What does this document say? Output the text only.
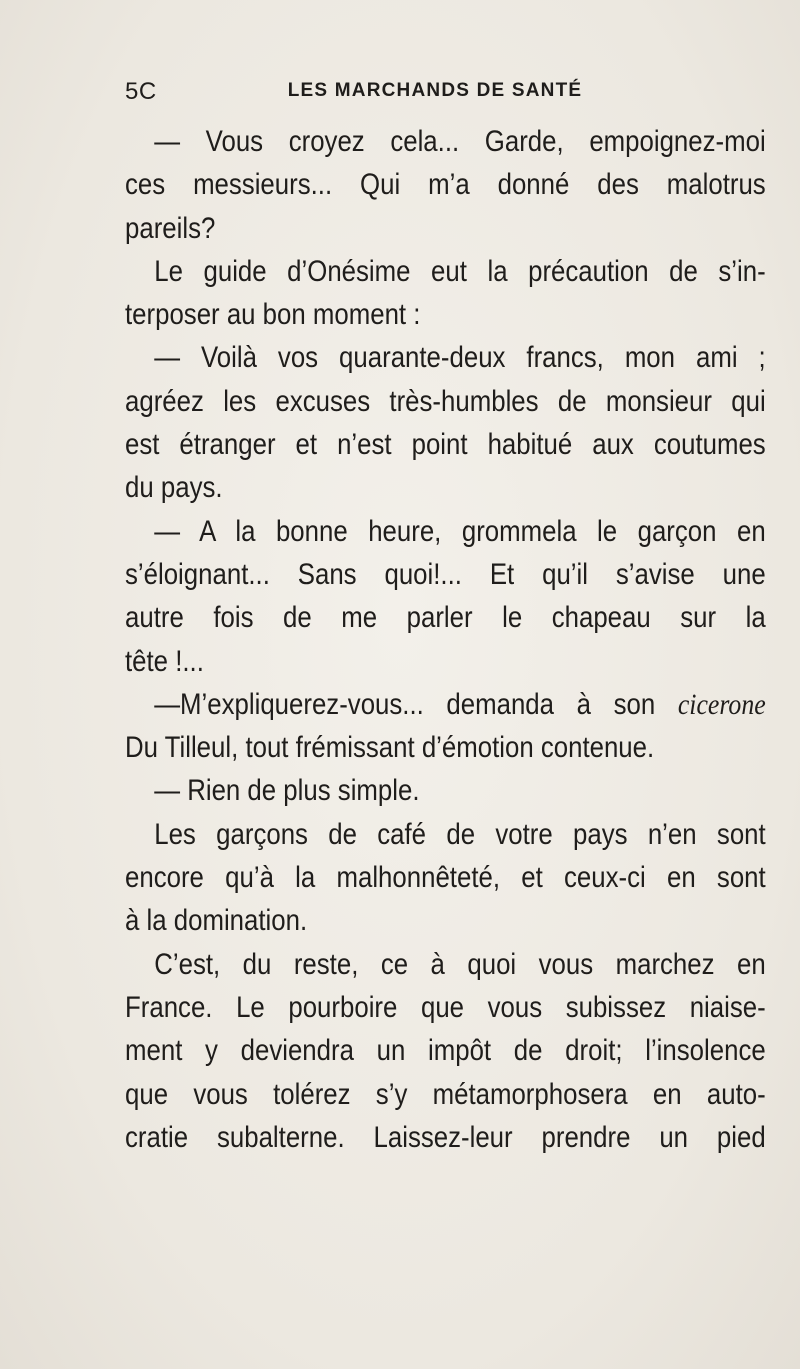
5C	LES MARCHANDS DE SANTÉ

— Vous croyez cela... Garde, empoignez-moi
ces messieurs... Qui m’a donné des malotrus
pareils?

Le guide d’Onésime eut la précaution de s’in-
terposer au bon moment :

— Voilà vos quarante-deux francs, mon ami ;
agréez les excuses très-humbles de monsieur qui
est étranger et n’est point habitué aux coutumes
du pays.

— A la bonne heure, grommela le garçon en
s’éloignant... Sans quoi!... Et qu’il s’avise une
autre fois de me parler le chapeau sur la
tête !...

—M’expliquerez-vous... demanda à son cicerone
Du Tilleul, tout frémissant d’émotion contenue.

— Rien de plus simple.

Les garçons de café de votre pays n’en sont
encore qu’à la malhonnêteté, et ceux-ci en sont
à la domination.

C’est, du reste, ce à quoi vous marchez en
France. Le pourboire que vous subissez niaise-
ment y deviendra un impôt de droit; l’insolence
que vous tolérez s’y métamorphosera en auto-
cratie subalterne. Laissez-leur prendre un pied
